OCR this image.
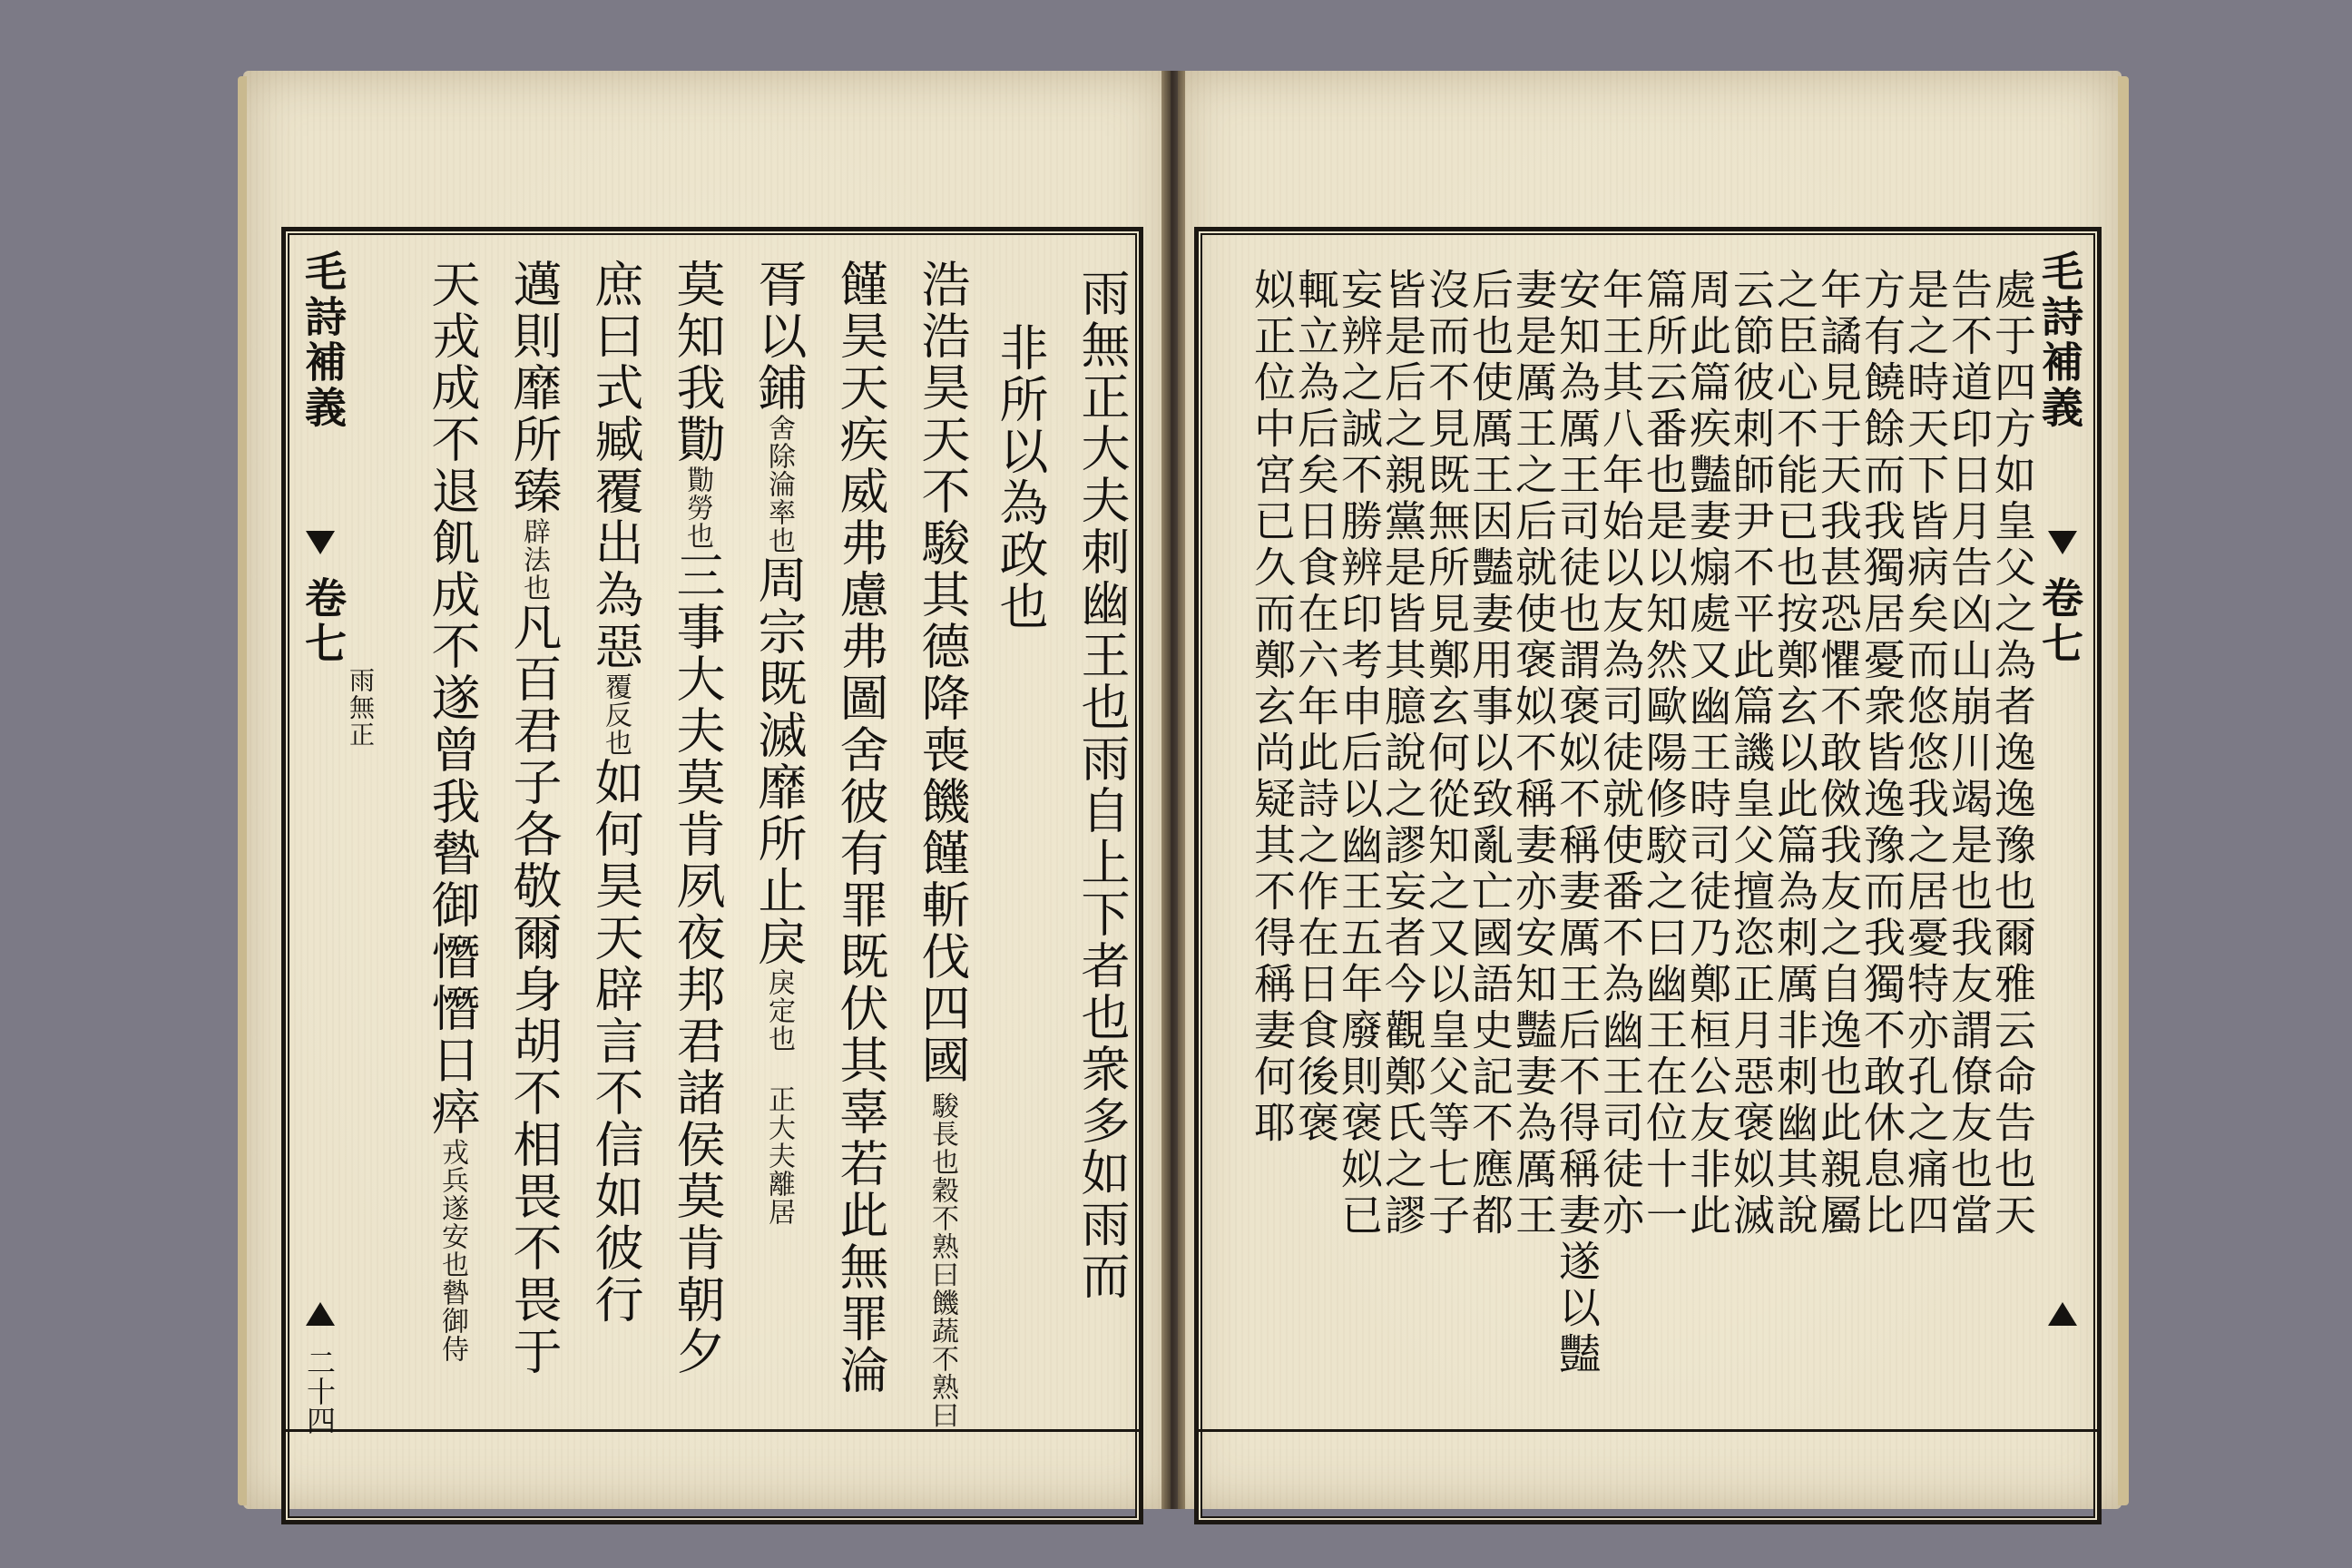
雨無正大夫刺幽王也雨自上下者也衆多如雨而
非所以為政也
浩浩昊天不駿其德降喪饑饉斬伐四國駿長也穀不熟曰饑蔬不熟曰
饉昊天疾威弗慮弗圖舍彼有罪既伏其辜若此無罪淪
胥以鋪舍除淪率也周宗既滅靡所止戾戾定也 正大夫離居
莫知我勩勩勞也三事大夫莫肯夙夜邦君諸侯莫肯朝夕
庶曰式臧覆出為惡覆反也如何昊天辟言不信如彼行
邁則靡所臻辟法也凡百君子各敬爾身胡不相畏不畏于
天戎成不退飢成不遂曾我暬御憯憯日瘁戎兵遂安也暬御侍
毛詩補義
卷七
雨無正
二十四
毛詩補義
卷七
處于四方如皇父之為者逸逸豫也爾雅云命告也天
告不道印日月告凶山崩川竭是也我友謂僚友也當
是之時天下皆病矣而悠悠我之居憂特亦孔之痛四
方有饒餘而我獨居憂衆皆逸豫而我獨不敢休息比
年譎見于天我甚恐懼不敢傚我友之自逸也此親屬
之臣心不能已也按鄭玄以此篇為刺厲非刺幽其說
云節彼刺師尹不平此篇譏皇父擅恣正月惡褒姒滅
周此篇疾豔妻煽處又幽王時司徒乃鄭桓公友非此
篇所云番也是以知然歐陽修駮之曰幽王在位十一
年王其八年始以友為司徒就使番不為幽王司徒亦
安知為厲王司徒也謂褒姒不稱妻厲王后不得稱妻遂以豔
妻是厲王之后就使褒姒不稱妻亦安知豔妻為厲王
后也使厲王因豔妻用事以致亂亡國語史記不應都
沒而不見既無所見鄭玄何從知之又以皇父等七子
皆是后之親黨是皆其臆說之謬妄者今觀鄭氏之謬
妄辨之誠不勝辨印考申后以幽王五年廢則褒姒已
輒立為后矣日食在六年此詩之作在日食後褒
姒正位中宮已久而鄭玄尚疑其不得稱妻何耶
